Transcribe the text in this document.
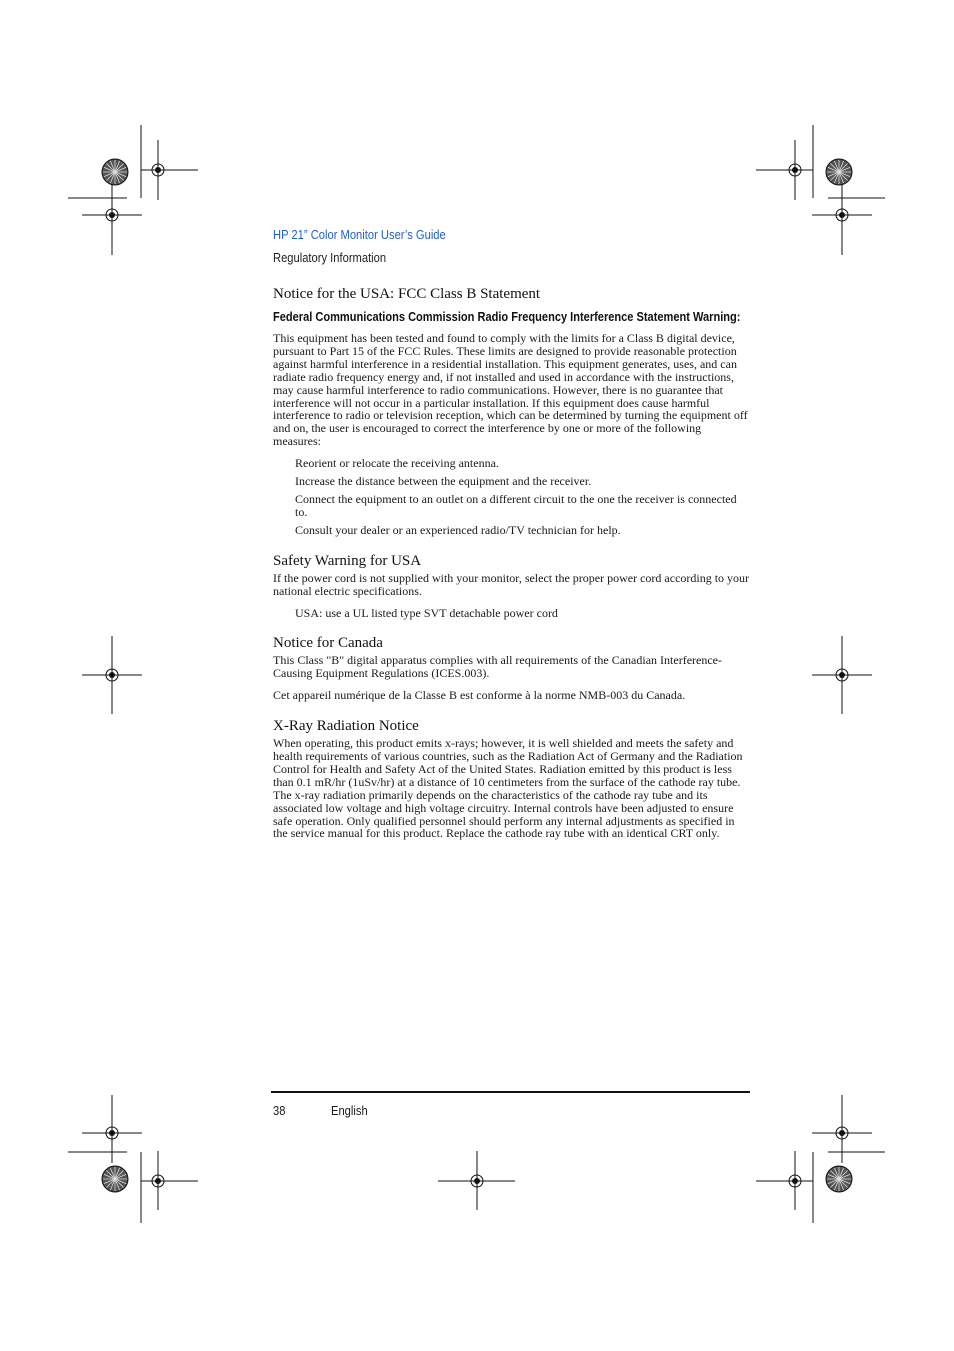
HP 21” Color Monitor User’s Guide
Regulatory Information
Notice for the USA: FCC Class B Statement
Federal Communications Commission Radio Frequency Interference Statement Warning:

This equipment has been tested and found to comply with the limits for a Class B digital device, pursuant to Part 15 of the FCC Rules. These limits are designed to provide reasonable protection against harmful interference in a residential installation. This equipment generates, uses, and can radiate radio frequency energy and, if not installed and used in accordance with the instructions, may cause harmful interference to radio communications. However, there is no guarantee that interference will not occur in a particular installation. If this equipment does cause harmful interference to radio or television reception, which can be determined by turning the equipment off and on, the user is encouraged to correct the interference by one or more of the following measures:

Reorient or relocate the receiving antenna.
Increase the distance between the equipment and the receiver.
Connect the equipment to an outlet on a different circuit to the one the receiver is connected to.
Consult your dealer or an experienced radio/TV technician for help.
Safety Warning for USA

If the power cord is not supplied with your monitor, select the proper power cord according to your national electric specifications.

USA: use a UL listed type SVT detachable power cord
Notice for Canada

This Class "B" digital apparatus complies with all requirements of the Canadian Interference-Causing Equipment Regulations (ICES.003).

Cet appareil numérique de la Classe B est conforme à la norme NMB-003 du Canada.

X-Ray Radiation Notice

When operating, this product emits x-rays; however, it is well shielded and meets the safety and health requirements of various countries, such as the Radiation Act of Germany and the Radiation Control for Health and Safety Act of the United States. Radiation emitted by this product is less than 0.1 mR/hr (1uSv/hr) at a distance of 10 centimeters from the surface of the cathode ray tube. The x-ray radiation primarily depends on the characteristics of the cathode ray tube and its associated low voltage and high voltage circuitry. Internal controls have been adjusted to ensure safe operation. Only qualified personnel should perform any internal adjustments as specified in the service manual for this product. Replace the cathode ray tube with an identical CRT only.

38	English
